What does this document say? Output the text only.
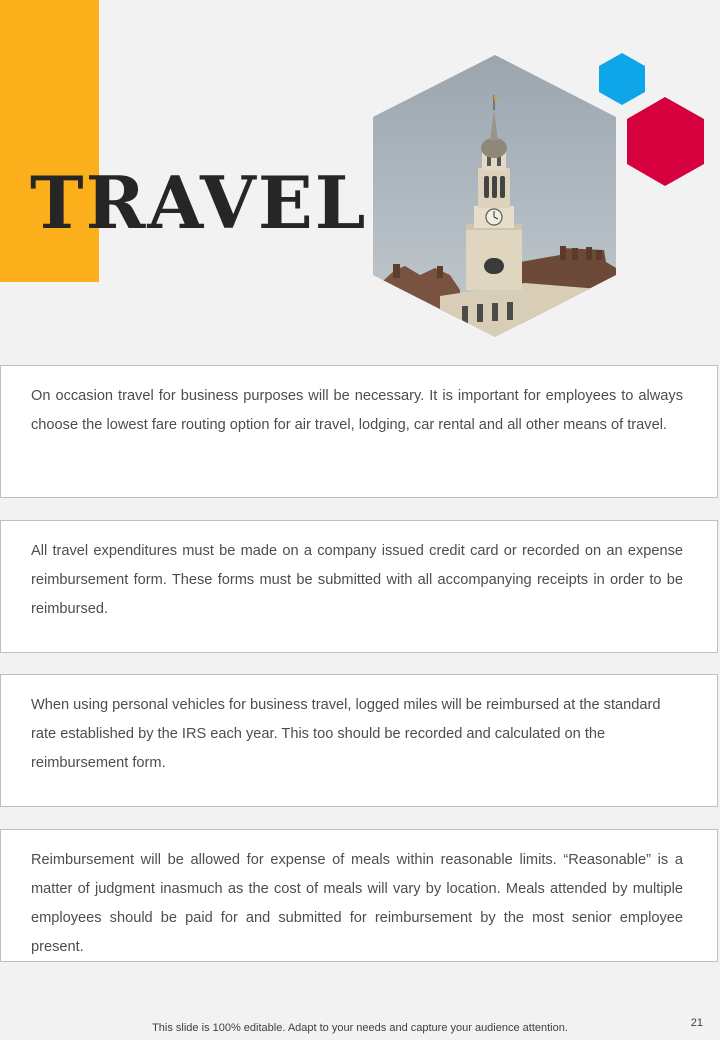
TRAVEL

On occasion travel for business purposes will be necessary. It is important for employees to always choose the lowest fare routing option for air travel, lodging, car rental and all other means of travel.

All travel expenditures must be made on a company issued credit card or recorded on an expense reimbursement form. These forms must be submitted with all accompanying receipts in order to be reimbursed.

When using personal vehicles for business travel, logged miles will be reimbursed at the standard rate established by the IRS each year. This too should be recorded and calculated on the reimbursement form.

Reimbursement will be allowed for expense of meals within reasonable limits. “Reasonable” is a matter of judgment inasmuch as the cost of meals will vary by location. Meals attended by multiple employees should be paid for and submitted for reimbursement by the most senior employee present.

This slide is 100% editable. Adapt to your needs and capture your audience attention.	21
